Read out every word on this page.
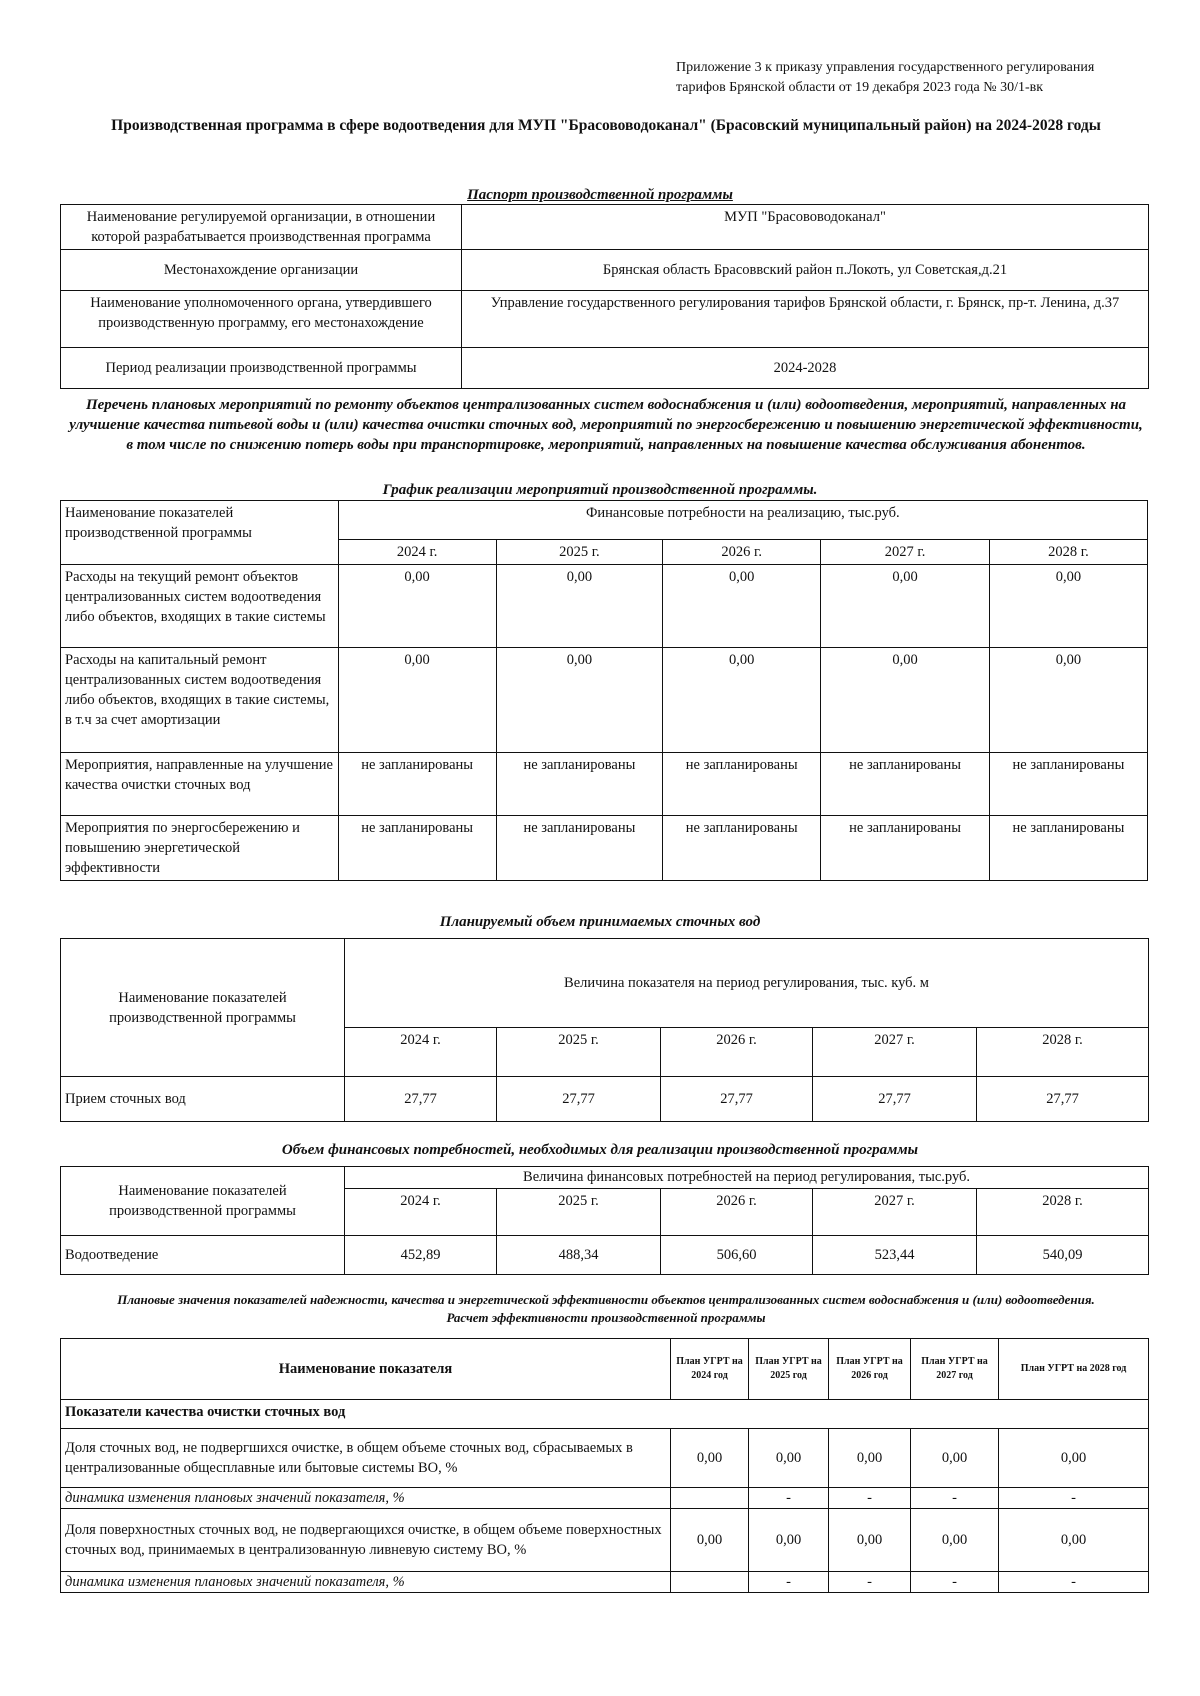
Приложение 3 к приказу управления государственного регулирования тарифов Брянской области от 19 декабря 2023 года № 30/1-вк
Производственная программа в сфере водоотведения для МУП "Брасововодоканал" (Брасовский муниципальный район) на 2024-2028 годы
Паспорт производственной программы
Наименование регулируемой организации, в отношении которой разрабатывается производственная программа	МУП "Брасововодоканал"
Местонахождение организации	Брянская область Брасоввский район п.Локоть, ул Советская,д.21
Наименование уполномоченного органа, утвердившего производственную программу, его местонахождение	Управление государственного регулирования тарифов Брянской области, г. Брянск, пр-т. Ленина, д.37
Период реализации производственной программы	2024-2028
Перечень плановых мероприятий по ремонту объектов централизованных систем водоснабжения и (или) водоотведения, мероприятий, направленных на улучшение качества питьевой воды и (или) качества очистки сточных вод, мероприятий по энергосбережению и повышению энергетической эффективности, в том числе по снижению потерь воды при транспортировке, мероприятий, направленных на повышение качества обслуживания абонентов.
График реализации мероприятий производственной программы.
Наименование показателей производственной программы	Финансовые потребности на реализацию, тыс.руб.				
	2024 г.	2025 г.	2026 г.	2027 г.	2028 г.
Расходы на текущий ремонт объектов централизованных систем водоотведения либо объектов, входящих в такие системы	0,00	0,00	0,00	0,00	0,00
Расходы на капитальный ремонт централизованных систем водоотведения либо объектов, входящих в такие системы, в т.ч за счет амортизации	0,00	0,00	0,00	0,00	0,00
Мероприятия, направленные на улучшение качества очистки сточных вод	не запланированы	не запланированы	не запланированы	не запланированы	не запланированы
Мероприятия по энергосбережению и повышению энергетической эффективности	не запланированы	не запланированы	не запланированы	не запланированы	не запланированы
Планируемый объем принимаемых сточных вод
Наименование показателей производственной программы	Величина показателя на период регулирования, тыс. куб. м				
	2024 г.	2025 г.	2026 г.	2027 г.	2028 г.
Прием сточных вод	27,77	27,77	27,77	27,77	27,77
Объем финансовых потребностей, необходимых для реализации производственной программы
Наименование показателей производственной программы	Величина финансовых потребностей на период регулирования, тыс.руб.				
	2024 г.	2025 г.	2026 г.	2027 г.	2028 г.
Водоотведение	452,89	488,34	506,60	523,44	540,09
Плановые значения показателей надежности, качества и энергетической эффективности объектов централизованных систем водоснабжения и (или) водоотведения.
Расчет эффективности производственной программы
Наименование показателя	План УГРТ на 2024 год	План УГРТ на 2025 год	План УГРТ на 2026 год	План УГРТ на 2027 год	План УГРТ на 2028 год
Показатели качества очистки сточных вод					
Доля сточных вод, не подвергшихся очистке, в общем объеме сточных вод, сбрасываемых в централизованные общесплавные или бытовые системы ВО, %	0,00	0,00	0,00	0,00	0,00
динамика изменения плановых значений показателя, %		-	-	-	-
Доля поверхностных сточных вод, не подвергающихся очистке, в общем объеме поверхностных сточных вод, принимаемых в централизованную ливневую систему ВО, %	0,00	0,00	0,00	0,00	0,00
динамика изменения плановых значений показателя, %		-	-	-	-
